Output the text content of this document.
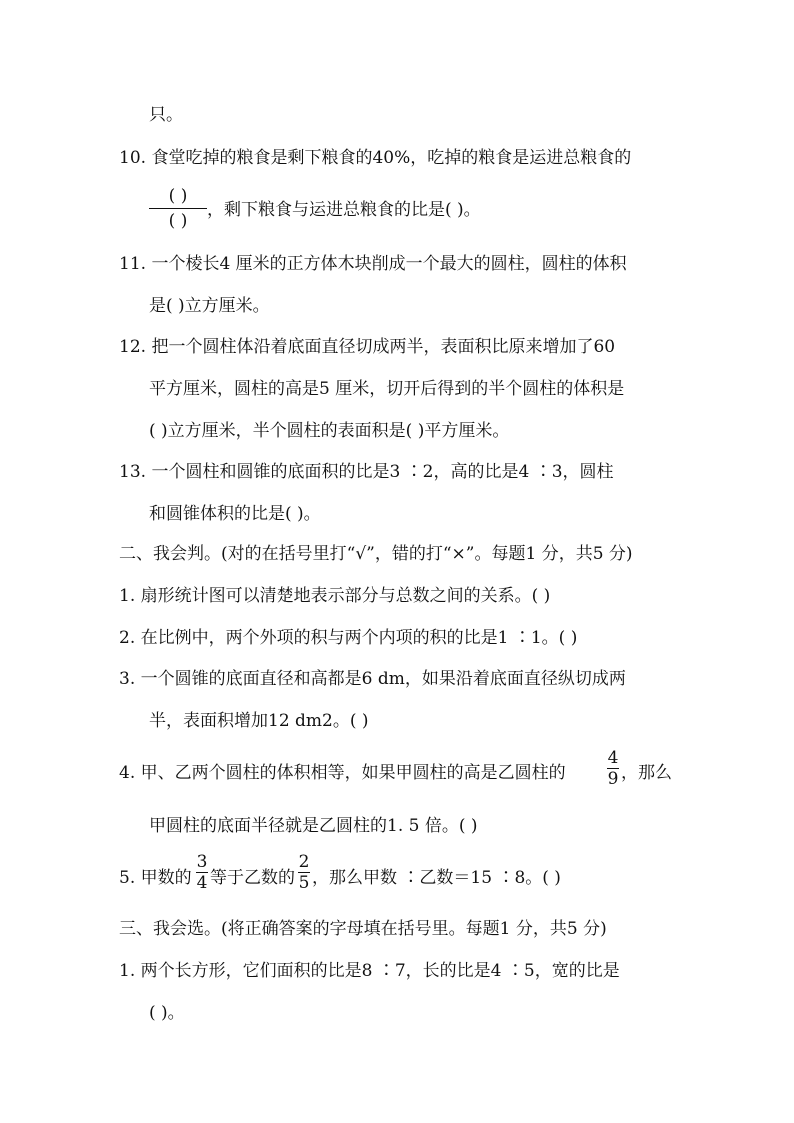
只。
10. 食堂吃掉的粮食是剩下粮食的40%，吃掉的粮食是运进总粮食的
( )
( )
，剩下粮食与运进总粮食的比是( )。
11. 一个棱长4 厘米的正方体木块削成一个最大的圆柱，圆柱的体积
是( )立方厘米。
12. 把一个圆柱体沿着底面直径切成两半，表面积比原来增加了60
平方厘米，圆柱的高是5 厘米，切开后得到的半个圆柱的体积是
( )立方厘米，半个圆柱的表面积是( )平方厘米。
13. 一个圆柱和圆锥的底面积的比是3 ∶2，高的比是4 ∶3，圆柱
和圆锥体积的比是( )。
二、我会判。(对的在括号里打“√”，错的打“×”。每题1 分，共5 分)
1. 扇形统计图可以清楚地表示部分与总数之间的关系。( )
2. 在比例中，两个外项的积与两个内项的积的比是1 ∶1。( )
3. 一个圆锥的底面直径和高都是6 dm，如果沿着底面直径纵切成两
半，表面积增加12 dm2。( )
4. 甲、乙两个圆柱的体积相等，如果甲圆柱的高是乙圆柱的
4
9 ，那么
甲圆柱的底面半径就是乙圆柱的1. 5 倍。( )
5. 甲数的
3
4 等于乙数的
2
5 ，那么甲数 ∶乙数＝15 ∶8。( )
三、我会选。(将正确答案的字母填在括号里。每题1 分，共5 分)
1. 两个长方形，它们面积的比是8 ∶7，长的比是4 ∶5，宽的比是
( )。
